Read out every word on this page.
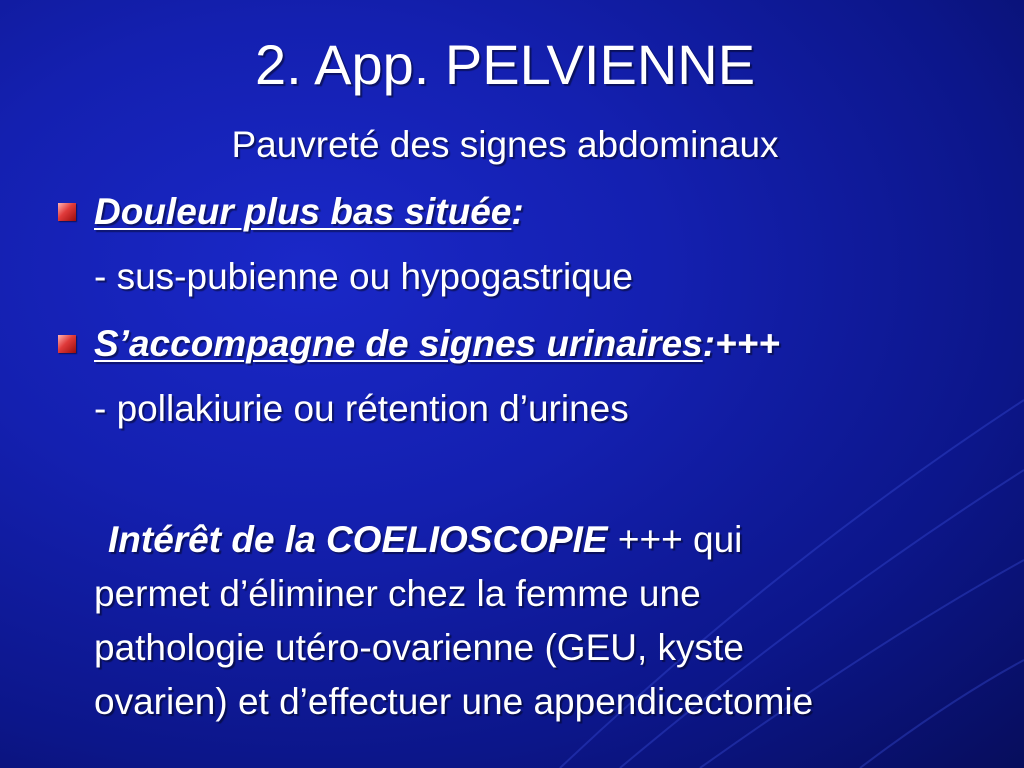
2. App. PELVIENNE
Pauvreté des signes abdominaux
Douleur plus bas située:
- sus-pubienne ou hypogastrique
S’accompagne de signes urinaires:+++
- pollakiurie ou rétention d’urines
Intérêt de la COELIOSCOPIE +++ qui
permet d’éliminer chez la femme une
pathologie utéro-ovarienne (GEU, kyste
ovarien) et d’effectuer une appendicectomie
